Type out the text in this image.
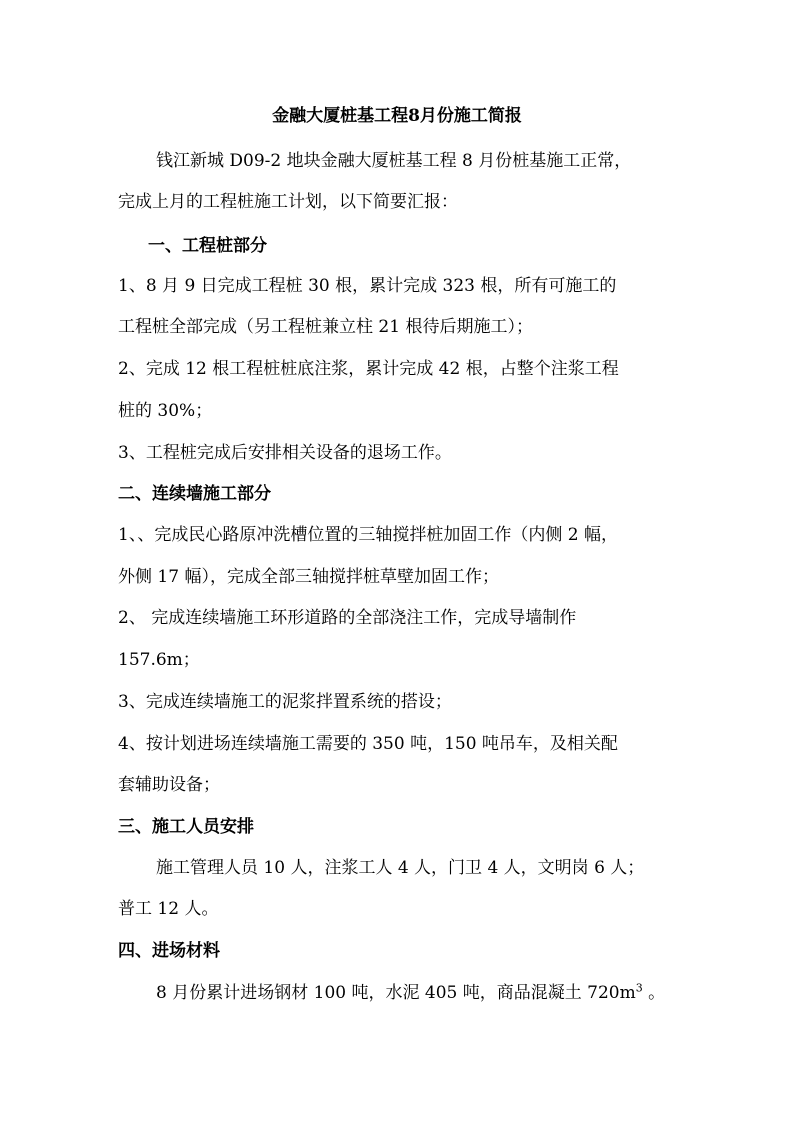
金融大厦桩基工程8月份施工简报
钱江新城 D09-2 地块金融大厦桩基工程 8 月份桩基施工正常，
完成上月的工程桩施工计划，以下简要汇报：
一、工程桩部分
1、8 月 9 日完成工程桩 30 根，累计完成 323 根，所有可施工的
工程桩全部完成（另工程桩兼立柱 21 根待后期施工）；
2、完成 12 根工程桩桩底注浆，累计完成 42 根，占整个注浆工程
桩的 30%；
3、工程桩完成后安排相关设备的退场工作。
二、连续墙施工部分
1、、完成民心路原冲洗槽位置的三轴搅拌桩加固工作（内侧 2 幅，
外侧 17 幅），完成全部三轴搅拌桩草壁加固工作；
2、 完成连续墙施工环形道路的全部浇注工作，完成导墙制作
157.6m；
3、完成连续墙施工的泥浆拌置系统的搭设；
4、按计划进场连续墙施工需要的 350 吨，150 吨吊车，及相关配
套辅助设备；
三、施工人员安排
施工管理人员 10 人，注浆工人 4 人，门卫 4 人，文明岗 6 人；
普工 12 人。
四、进场材料
8 月份累计进场钢材 100 吨，水泥 405 吨，商品混凝土 $720m^3$ 。
